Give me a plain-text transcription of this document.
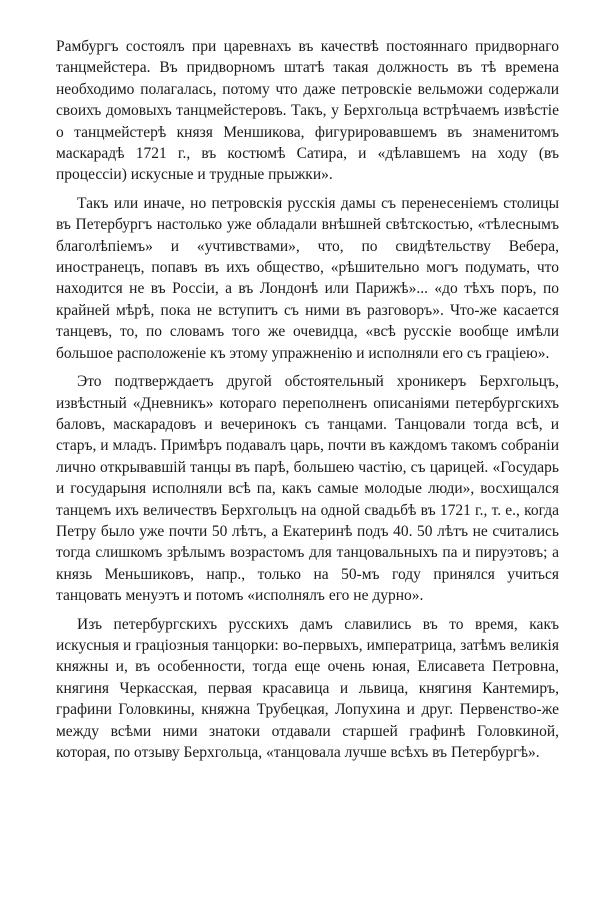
Рамбургъ состоялъ при царевнахъ въ качествѣ постояннаго придворнаго танцмейстера. Въ придворномъ штатѣ такая должность въ тѣ времена необходимо полагалась, потому что даже петровскіе вельможи содержали своихъ домовыхъ танцмейстеровъ. Такъ, у Берхгольца встрѣчаемъ извѣстіе о танцмейстерѣ князя Меншикова, фигурировавшемъ въ знаменитомъ маскарадѣ 1721 г., въ костюмѣ Сатира, и «дѣлавшемъ на ходу (въ процессіи) искусные и трудные прыжки».

Такъ или иначе, но петровскія русскія дамы съ перенесеніемъ столицы въ Петербургъ настолько уже обладали внѣшней свѣтскостью, «тѣлеснымъ благолѣпіемъ» и «учтивствами», что, по свидѣтельству Вебера, иностранецъ, попавъ въ ихъ общество, «рѣшительно могъ подумать, что находится не въ Россіи, а въ Лондонѣ или Парижѣ»... «до тѣхъ поръ, по крайней мѣрѣ, пока не вступитъ съ ними въ разговоръ». Что-же касается танцевъ, то, по словамъ того же очевидца, «всѣ русскіе вообще имѣли большое расположеніе къ этому упражненію и исполняли его съ граціею».

Это подтверждаетъ другой обстоятельный хроникеръ Берхгольцъ, извѣстный «Дневникъ» котораго переполненъ описаніями петербургскихъ баловъ, маскарадовъ и вечеринокъ съ танцами. Танцовали тогда всѣ, и старъ, и младъ. Примѣръ подавалъ царь, почти въ каждомъ такомъ собраніи лично открывавшій танцы въ парѣ, большею частію, съ царицей. «Государь и государыня исполняли всѣ па, какъ самые молодые люди», восхищался танцемъ ихъ величествъ Берхгольцъ на одной свадьбѣ въ 1721 г., т. е., когда Петру было уже почти 50 лѣтъ, а Екатеринѣ подъ 40. 50 лѣтъ не считались тогда слишкомъ зрѣлымъ возрастомъ для танцовальныхъ па и пируэтовъ; а князь Меньшиковъ, напр., только на 50-мъ году принялся учиться танцовать менуэтъ и потомъ «исполнялъ его не дурно».

Изъ петербургскихъ русскихъ дамъ славились въ то время, какъ искусныя и граціозныя танцорки: во-первыхъ, императрица, затѣмъ великія княжны и, въ особенности, тогда еще очень юная, Елисавета Петровна, княгиня Черкасская, первая красавица и львица, княгиня Кантемиръ, графини Головкины, княжна Трубецкая, Лопухина и друг. Первенство-же между всѣми ними знатоки отдавали старшей графинѣ Головкиной, которая, по отзыву Берхгольца, «танцовала лучше всѣхъ въ Петербургѣ».
